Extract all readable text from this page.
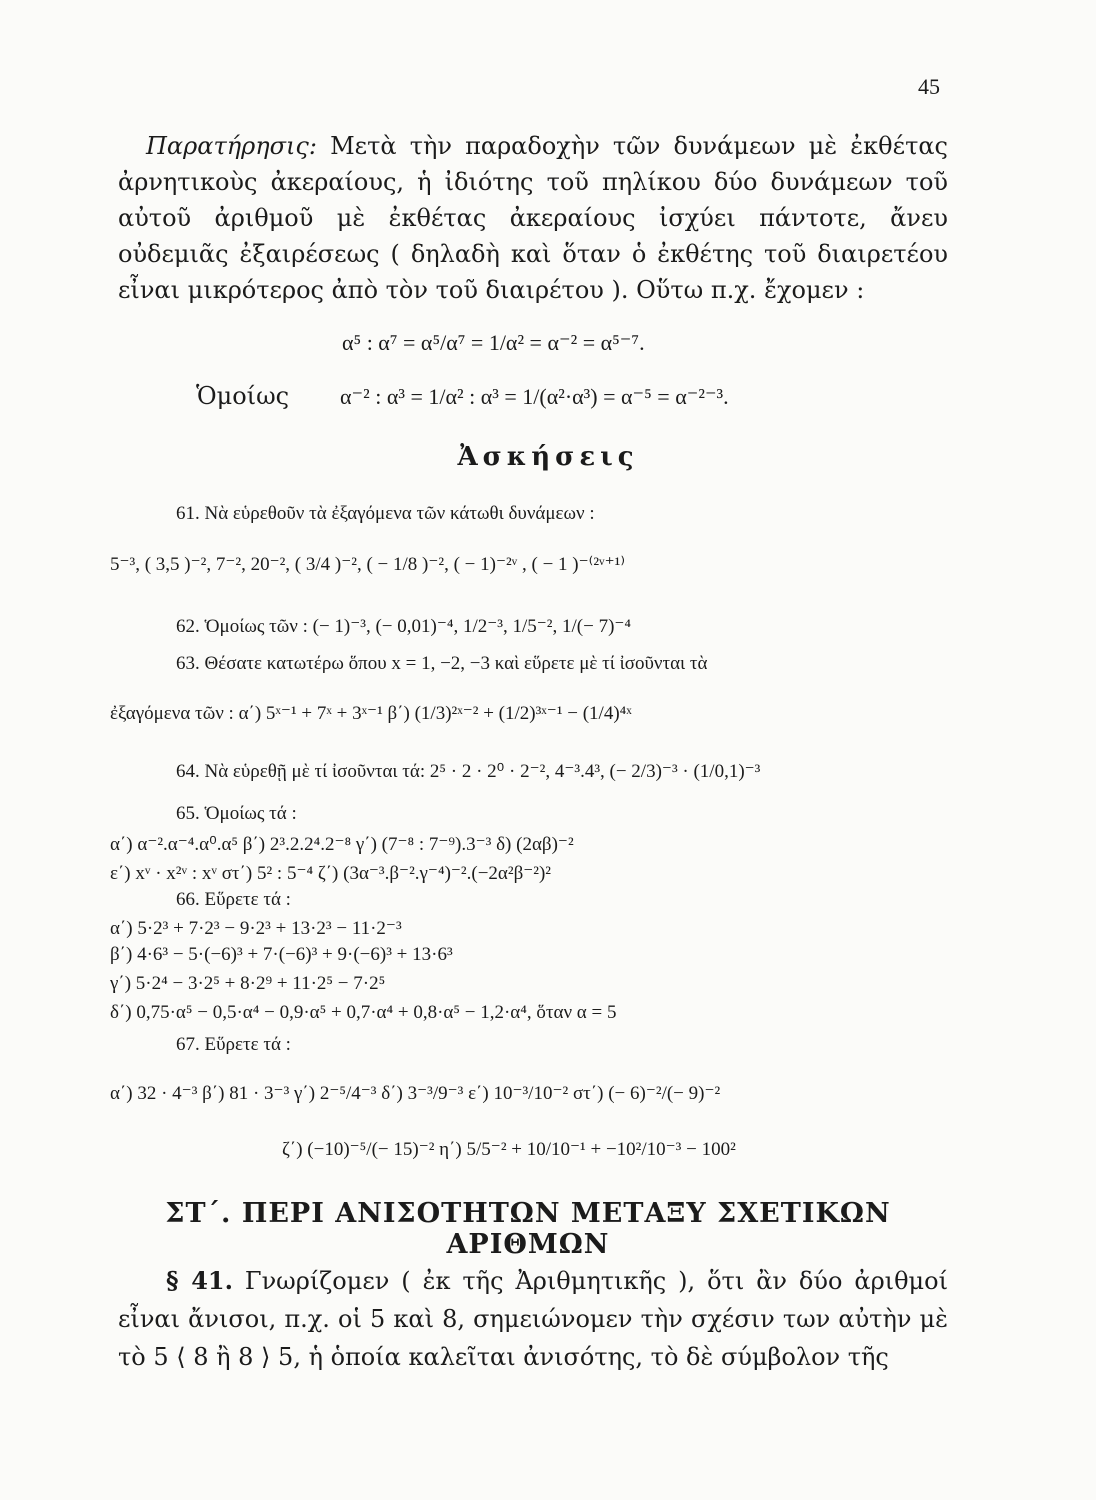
45
Παρατήρησις: Μετὰ τὴν παραδοχὴν τῶν δυνάμεων μὲ ἐκθέτας ἀρνητικοὺς ἀκεραίους, ἡ ἰδιότης τοῦ πηλίκου δύο δυνάμεων τοῦ αὐτοῦ ἀριθμοῦ μὲ ἐκθέτας ἀκεραίους ἰσχύει πάντοτε, ἄνευ οὐδεμιᾶς ἐξαιρέσεως ( δηλαδὴ καὶ ὅταν ὁ ἐκθέτης τοῦ διαιρετέου εἶναι μικρότερος ἀπὸ τὸν τοῦ διαιρέτου ). Οὕτω π.χ. ἔχομεν :
α⁵ : α⁷ = α⁵/α⁷ = 1/α² = α⁻² = α⁵⁻⁷.
Ὁμοίως α⁻² : α³ = 1/α² : α³ = 1/(α²·α³) = α⁻⁵ = α⁻²⁻³.
Ἀσκήσεις
61. Νὰ εὑρεθοῦν τὰ ἐξαγόμενα τῶν κάτωθι δυνάμεων :
5⁻³, ( 3,5 )⁻², 7⁻², 20⁻², ( 3/4 )⁻², ( − 1/8 )⁻², ( − 1)⁻²ᵛ , ( − 1 )⁻⁽²ᵛ⁺¹⁾
62. Ὁμοίως τῶν : (− 1)⁻³, (− 0,01)⁻⁴, 1/2⁻³, 1/5⁻², 1/(− 7)⁻⁴
63. Θέσατε κατωτέρω ὅπου x = 1, −2, −3 καὶ εὕρετε μὲ τί ἰσοῦνται τὰ
ἐξαγόμενα τῶν : α΄) 5ˣ⁻¹ + 7ˣ + 3ˣ⁻¹ β΄) (1/3)²ˣ⁻² + (1/2)³ˣ⁻¹ − (1/4)⁴ˣ
64. Νὰ εὑρεθῇ μὲ τί ἰσοῦνται τά: 2⁵ · 2 · 2⁰ · 2⁻², 4⁻³.4³, (− 2/3)⁻³ · (1/0,1)⁻³
65. Ὁμοίως τά :
α΄) α⁻².α⁻⁴.α⁰.α⁵ β΄) 2³.2.2⁴.2⁻⁸ γ΄) (7⁻⁸ : 7⁻⁹).3⁻³ δ) (2αβ)⁻²
ε΄) xᵛ · x²ᵛ : xᵛ στ΄) 5² : 5⁻⁴ ζ΄) (3α⁻³.β⁻².γ⁻⁴)⁻².(−2α²β⁻²)²
66. Εὕρετε τά :
α΄) 5·2³ + 7·2³ − 9·2³ + 13·2³ − 11·2⁻³
β΄) 4·6³ − 5·(−6)³ + 7·(−6)³ + 9·(−6)³ + 13·6³
γ΄) 5·2⁴ − 3·2⁵ + 8·2⁹ + 11·2⁵ − 7·2⁵
δ΄) 0,75·α⁵ − 0,5·α⁴ − 0,9·α⁵ + 0,7·α⁴ + 0,8·α⁵ − 1,2·α⁴, ὅταν α = 5
67. Εὕρετε τά :
α΄) 32 · 4⁻³ β΄) 81 · 3⁻³ γ΄) 2⁻⁵/4⁻³ δ΄) 3⁻³/9⁻³ ε΄) 10⁻³/10⁻² στ΄) (− 6)⁻²/(− 9)⁻²
ζ΄) (−10)⁻⁵/(− 15)⁻² η΄) 5/5⁻² + 10/10⁻¹ + −10²/10⁻³ − 100²
ΣΤ΄. ΠΕΡΙ ΑΝΙΣΟΤΗΤΩΝ ΜΕΤΑΞΥ ΣΧΕΤΙΚΩΝ ΑΡΙΘΜΩΝ
§ 41. Γνωρίζομεν ( ἐκ τῆς Ἀριθμητικῆς ), ὅτι ἂν δύο ἀριθμοί εἶναι ἄνισοι, π.χ. οἱ 5 καὶ 8, σημειώνομεν τὴν σχέσιν των αὐτὴν μὲ τὸ 5 ⟨ 8 ἢ 8 ⟩ 5, ἡ ὁποία καλεῖται ἀνισότης, τὸ δὲ σύμβολον τῆς
